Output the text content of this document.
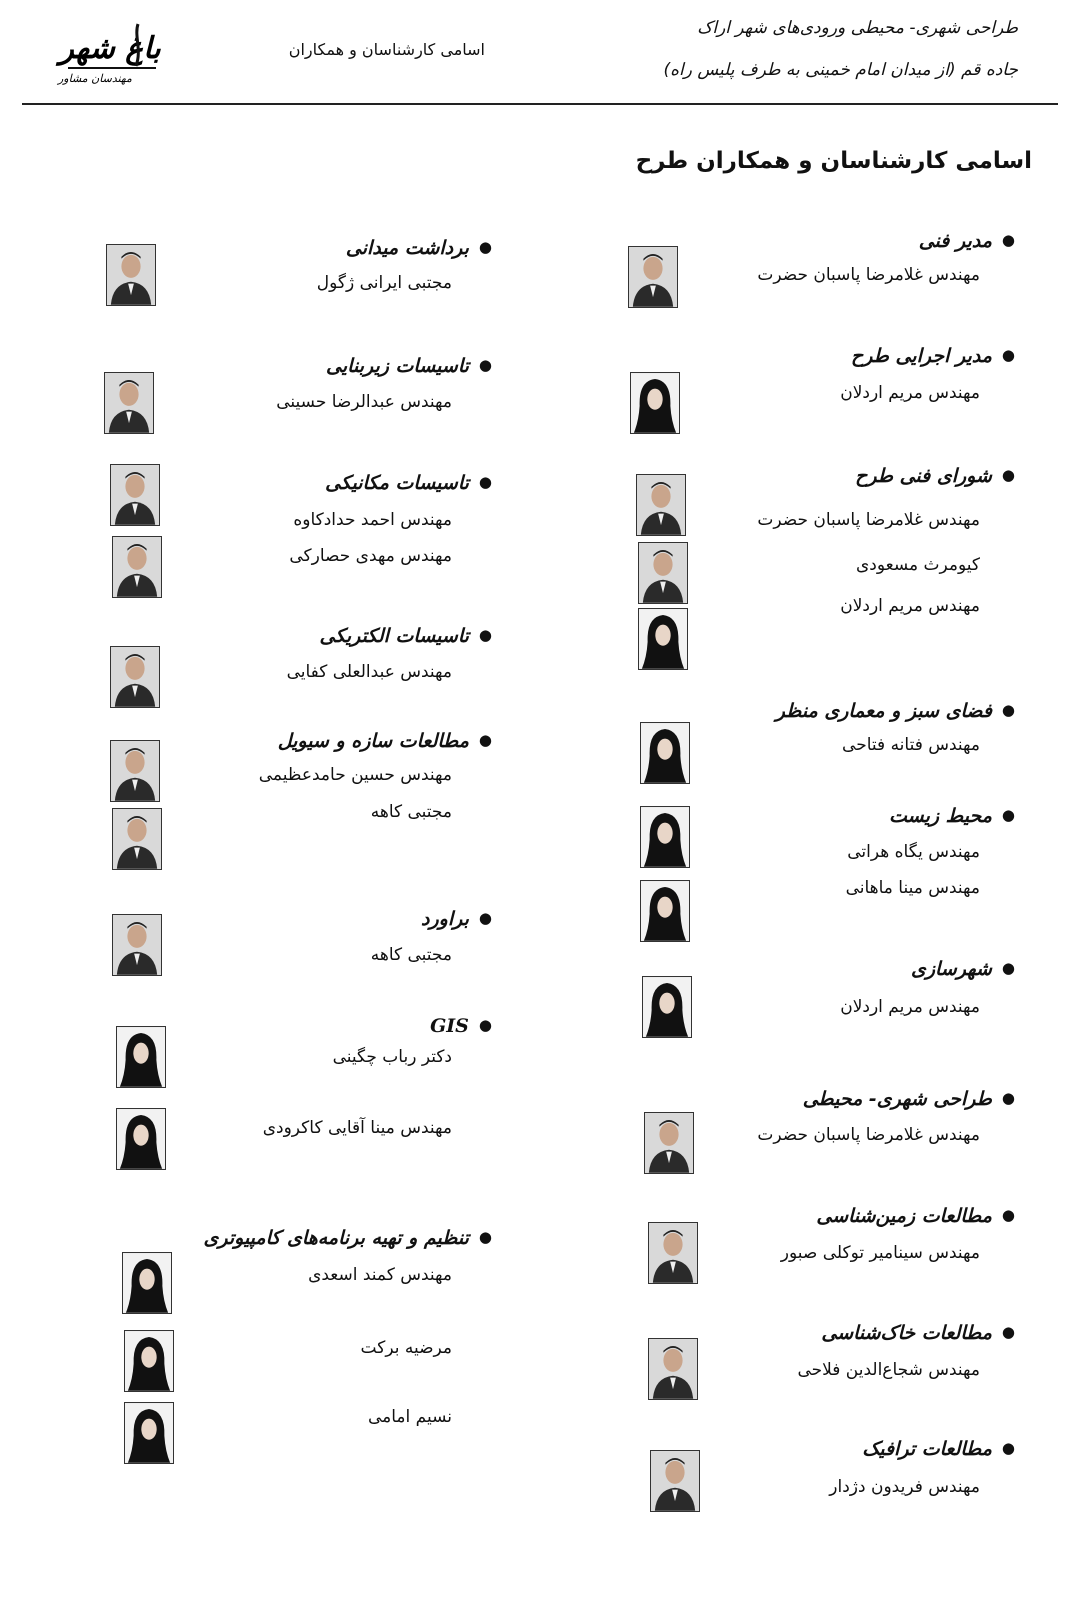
طراحی شهری- محیطی ورودی‌های شهر اراک
جاده قم (از میدان امام خمینی به طرف پلیس راه)
اسامی کارشناسان و همکاران
باغ شهر
مهندسان مشاور
اسامی کارشناسان و همکاران طرح
●مدیر فنی
مهندس غلامرضا پاسبان حضرت
●مدیر اجرایی طرح
مهندس مریم اردلان
●شورای فنی طرح
مهندس غلامرضا پاسبان حضرت
کیومرث مسعودی
مهندس مریم اردلان
●فضای سبز و معماری منظر
مهندس فتانه فتاحی
●محیط زیست
مهندس یگاه هراتی
مهندس مینا ماهانی
●شهرسازی
مهندس مریم اردلان
●طراحی شهری- محیطی
مهندس غلامرضا پاسبان حضرت
●مطالعات زمین‌شناسی
مهندس سینامیر توکلی صبور
●مطالعات خاک‌شناسی
مهندس شجاع‌الدین فلاحی
●مطالعات ترافیک
مهندس فریدون دژدار
●برداشت میدانی
مجتبی ایرانی ژگول
●تاسیسات زیربنایی
مهندس عبدالرضا حسینی
●تاسیسات مکانیکی
مهندس احمد حدادکاوه
مهندس مهدی حصارکی
●تاسیسات الکتریکی
مهندس عبدالعلی کفایی
●مطالعات سازه و سیویل
مهندس حسین حامدعظیمی
مجتبی کاهه
●براورد
مجتبی کاهه
●GIS
دکتر رباب چگینی
مهندس مینا آقایی کاکرودی
●تنظیم و تهیه برنامه‌های کامپیوتری
مهندس کمند اسعدی
مرضیه برکت
نسیم امامی
